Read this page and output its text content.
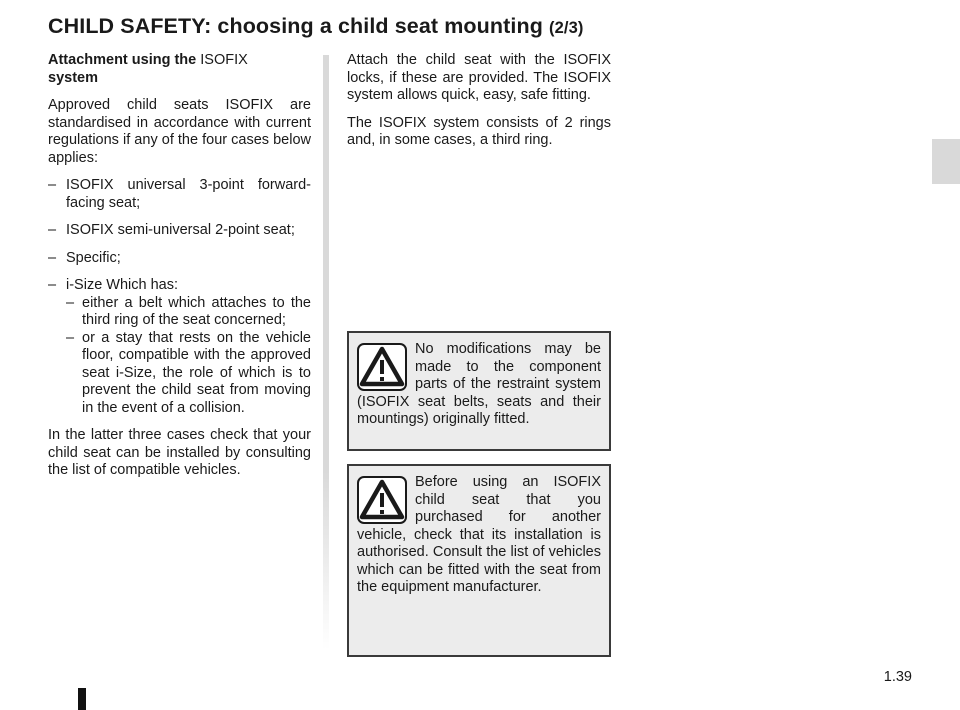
CHILD SAFETY: choosing a child seat mounting (2/3)
Attachment using the ISOFIX
system

Approved child seats ISOFIX are standardised in accordance with current regulations if any of the four cases below applies:

– ISOFIX universal 3-point forward-facing seat;
– ISOFIX semi-universal 2-point seat;
– Specific;
– i-Size Which has:
– either a belt which attaches to the third ring of the seat concerned;
– or a stay that rests on the vehicle floor, compatible with the approved seat i-Size, the role of which is to prevent the child seat from moving in the event of a collision.

In the latter three cases check that your child seat can be installed by consulting the list of compatible vehicles.

Attach the child seat with the ISOFIX locks, if these are provided. The ISOFIX system allows quick, easy, safe fitting.

The ISOFIX system consists of 2 rings and, in some cases, a third ring.

No modifications may be made to the component parts of the restraint system (ISOFIX seat belts, seats and their mountings) originally fitted.
Before using an ISOFIX child seat that you purchased for another vehicle, check that its installation is authorised. Consult the list of vehicles which can be fitted with the seat from the equipment manufacturer.
1.39
